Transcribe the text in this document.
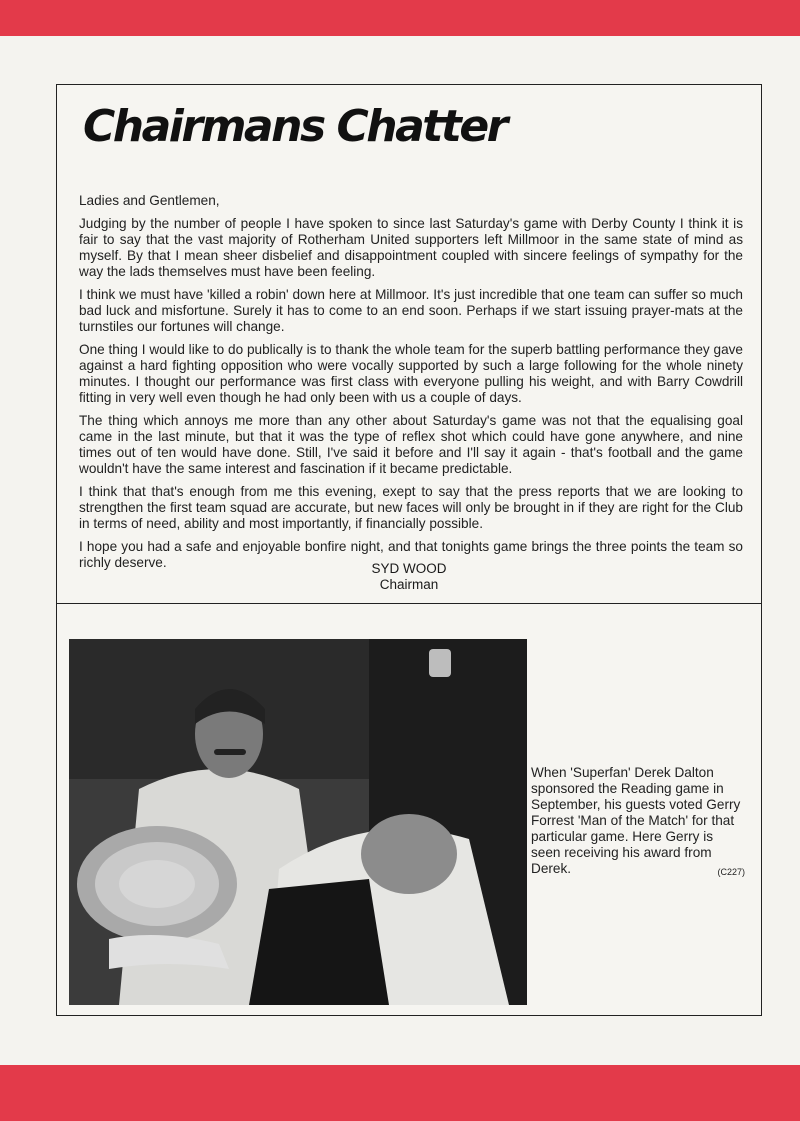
Chairmans Chatter

Ladies and Gentlemen,

Judging by the number of people I have spoken to since last Saturday's game with Derby County I think it is fair to say that the vast majority of Rotherham United supporters left Millmoor in the same state of mind as myself. By that I mean sheer disbelief and disappointment coupled with sincere feelings of sympathy for the way the lads themselves must have been feeling.

I think we must have 'killed a robin' down here at Millmoor. It's just incredible that one team can suffer so much bad luck and misfortune. Surely it has to come to an end soon. Perhaps if we start issuing prayer-mats at the turnstiles our fortunes will change.

One thing I would like to do publically is to thank the whole team for the superb battling performance they gave against a hard fighting opposition who were vocally supported by such a large following for the whole ninety minutes. I thought our performance was first class with everyone pulling his weight, and with Barry Cowdrill fitting in very well even though he had only been with us a couple of days.

The thing which annoys me more than any other about Saturday's game was not that the equalising goal came in the last minute, but that it was the type of reflex shot which could have gone anywhere, and nine times out of ten would have done. Still, I've said it before and I'll say it again - that's football and the game wouldn't have the same interest and fascination if it became predictable.

I think that that's enough from me this evening, exept to say that the press reports that we are looking to strengthen the first team squad are accurate, but new faces will only be brought in if they are right for the Club in terms of need, ability and most importantly, if financially possible.

I hope you had a safe and enjoyable bonfire night, and that tonights game brings the three points the team so richly deserve.	SYD WOOD
Chairman
When 'Superfan' Derek Dalton sponsored the Reading game in September, his guests voted Gerry Forrest 'Man of the Match' for that particular game. Here Gerry is seen receiving his award from Derek.	(C227)
